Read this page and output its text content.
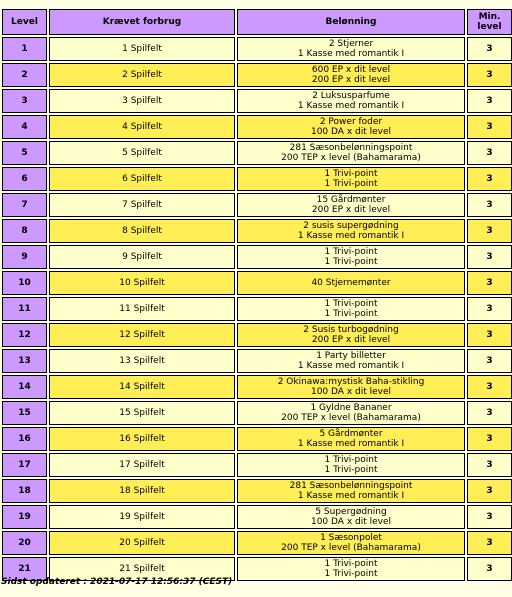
Level	Krævet forbrug	Belønning	Min. level
1	1 Spilfelt	2 Stjerner
1 Kasse med romantik I	3
2	2 Spilfelt	600 EP x dit level
200 EP x dit level	3
3	3 Spilfelt	2 Luksusparfume
1 Kasse med romantik I	3
4	4 Spilfelt	2 Power foder
100 DA x dit level	3
5	5 Spilfelt	281 Sæsonbelønningspoint
200 TEP x level (Bahamarama)	3
6	6 Spilfelt	1 Trivi-point
1 Trivi-point	3
7	7 Spilfelt	15 Gårdmønter
200 EP x dit level	3
8	8 Spilfelt	2 susis supergødning
1 Kasse med romantik I	3
9	9 Spilfelt	1 Trivi-point
1 Trivi-point	3
10	10 Spilfelt	40 Stjernemønter	3
11	11 Spilfelt	1 Trivi-point
1 Trivi-point	3
12	12 Spilfelt	2 Susis turbogødning
200 EP x dit level	3
13	13 Spilfelt	1 Party billetter
1 Kasse med romantik I	3
14	14 Spilfelt	2 Okinawa:mystisk Baha-stikling
100 DA x dit level	3
15	15 Spilfelt	1 Gyldne Bananer
200 TEP x level (Bahamarama)	3
16	16 Spilfelt	5 Gårdmønter
1 Kasse med romantik I	3
17	17 Spilfelt	1 Trivi-point
1 Trivi-point	3
18	18 Spilfelt	281 Sæsonbelønningspoint
1 Kasse med romantik I	3
19	19 Spilfelt	5 Supergødning
100 DA x dit level	3
20	20 Spilfelt	1 Sæsonpolet
200 TEP x level (Bahamarama)	3
21	21 Spilfelt	1 Trivi-point
1 Trivi-point	3
Sidst opdateret : 2021-07-17 12:56:37 (CEST)
